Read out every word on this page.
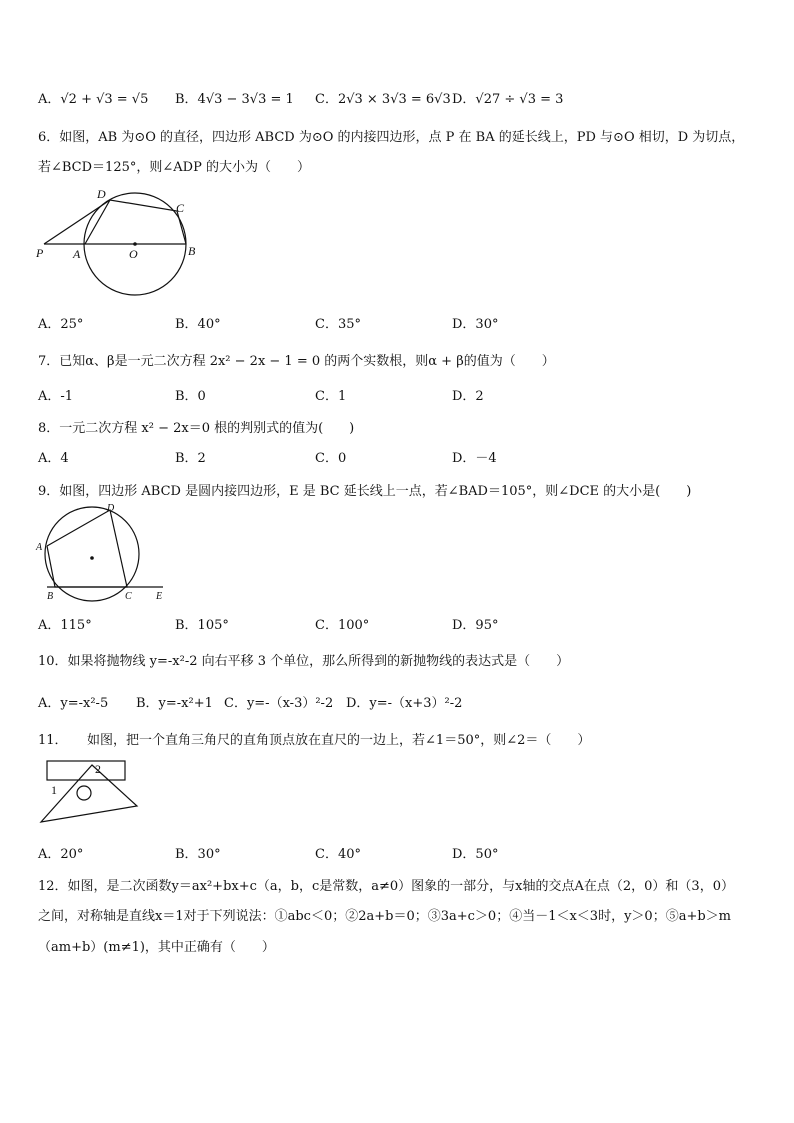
A．√2 + √3 = √5 B．4√3 − 3√3 = 1 C．2√3 × 3√3 = 6√3 D．√27 ÷ √3 = 3
6．如图，AB 为⊙O 的直径，四边形 ABCD 为⊙O 的内接四边形，点 P 在 BA 的延长线上，PD 与⊙O 相切，D 为切点，
若∠BCD＝125°，则∠ADP 的大小为（　　）
D
C
P A	O	B
A．25°	B．40°	C．35°	D．30°
7．已知α、β是一元二次方程 2x² − 2x − 1 = 0 的两个实数根，则α + β的值为（　　）
A．-1	B．0	C．1	D．2
8．一元二次方程 x² − 2x＝0 根的判别式的值为(　　)
A．4	B．2	C．0	D．－4
9．如图，四边形 ABCD 是圆内接四边形，E 是 BC 延长线上一点，若∠BAD＝105°，则∠DCE 的大小是(　　)
A
B	C
D
E
A．115°	B．105°	C．100°	D．95°
10．如果将抛物线 y=-x²-2 向右平移 3 个单位，那么所得到的新抛物线的表达式是（　　）
A．y=-x²-5 B．y=-x²+1 C．y=-（x-3）²-2 D．y=-（x+3）²-2
11．　　如图，把一个直角三角尺的直角顶点放在直尺的一边上，若∠1＝50°，则∠2＝（　　）
1
2
A．20°	B．30°	C．40°	D．50°
12．如图，是二次函数y＝ax²+bx+c（a，b，c是常数，a≠0）图象的一部分，与x轴的交点A在点（2，0）和（3，0）
之间，对称轴是直线x＝1对于下列说法：①abc＜0；②2a+b＝0；③3a+c＞0；④当－1＜x＜3时，y＞0；⑤a+b＞m
（am+b）(m≠1)，其中正确有（　　）
